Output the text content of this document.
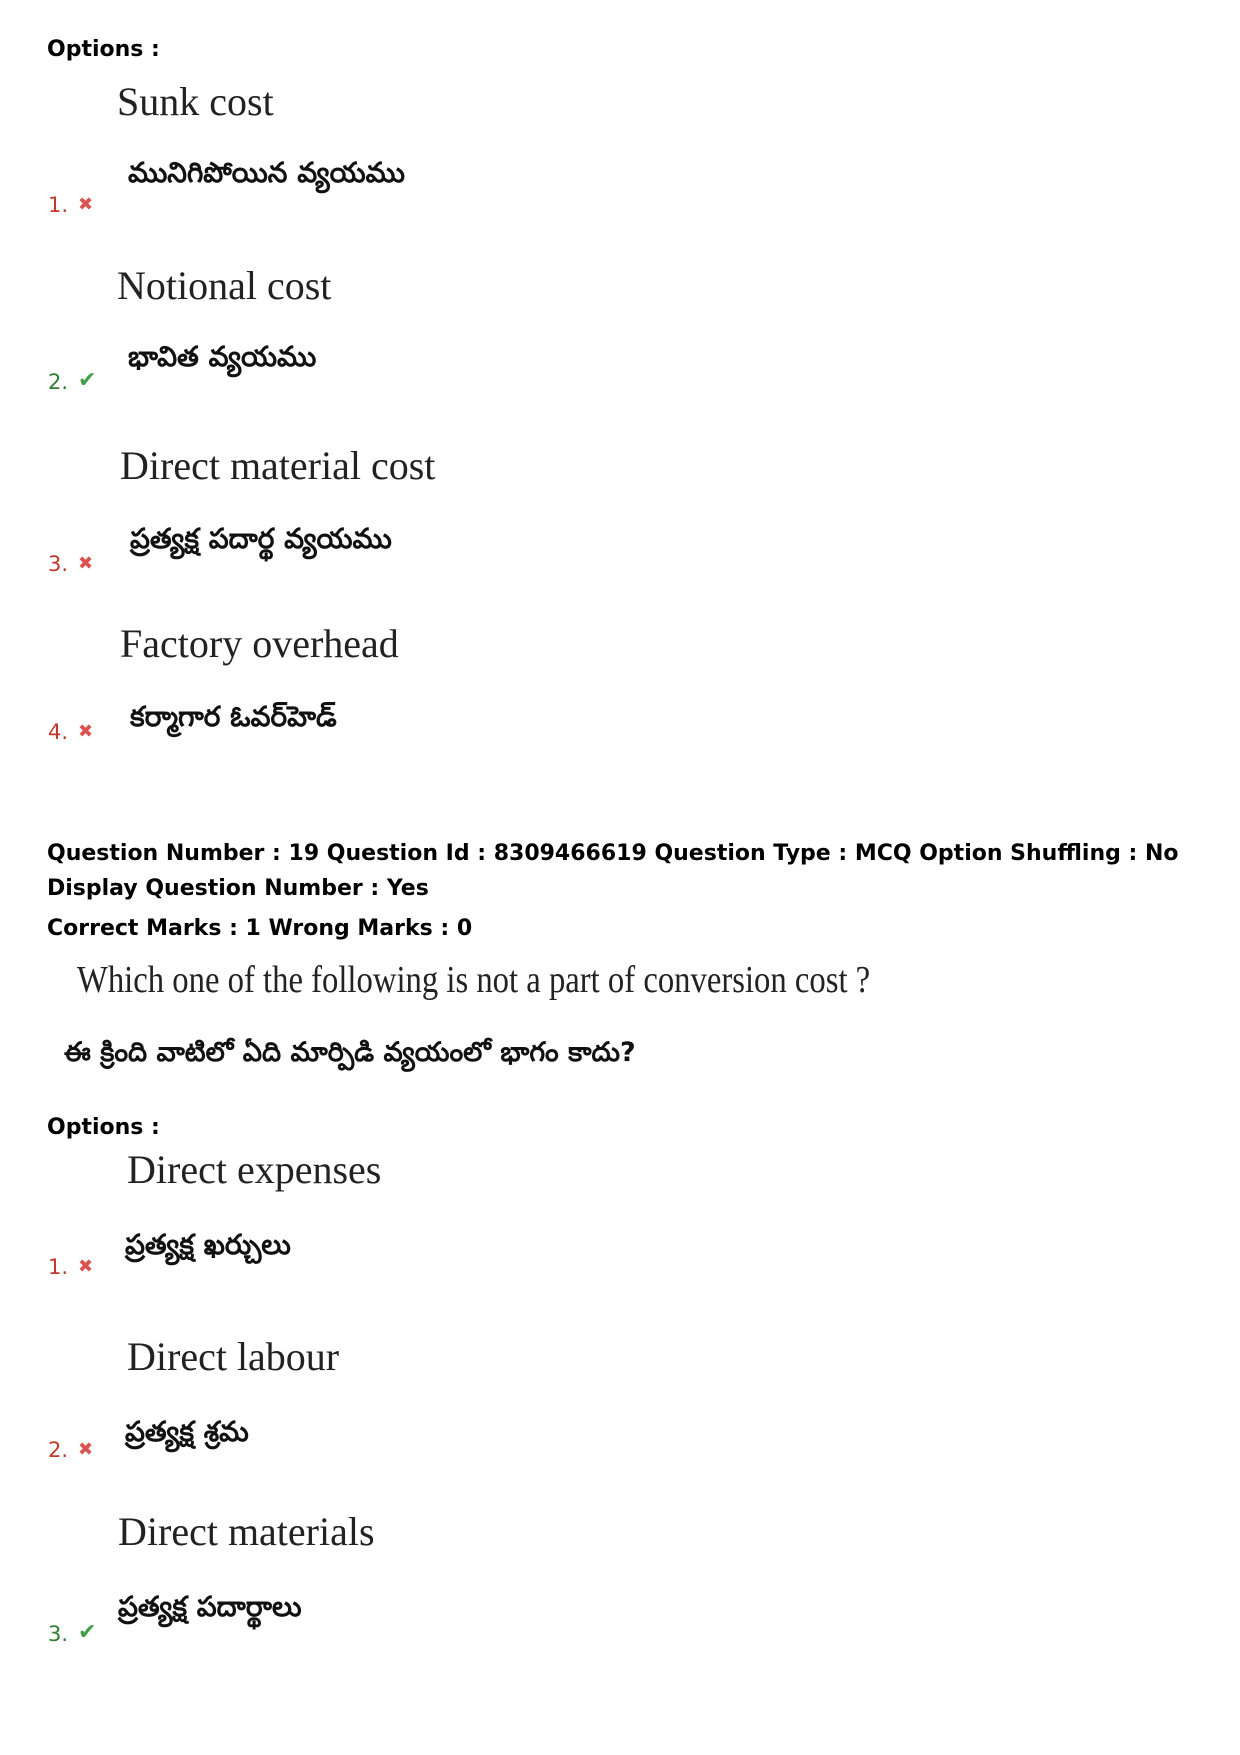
Options :
Sunk cost
మునిగిపోయిన వ్యయము
1. ✖
Notional cost
భావిత వ్యయము
2. ✔
Direct material cost
ప్రత్యక్ష పదార్థ వ్యయము
3. ✖
Factory overhead
కర్మాగార ఓవర్‌హెడ్
4. ✖
Question Number : 19 Question Id : 8309466619 Question Type : MCQ Option Shuffling : No
Display Question Number : Yes
Correct Marks : 1 Wrong Marks : 0
Which one of the following is not a part of conversion cost ?
ఈ క్రింది వాటిలో ఏది మార్పిడి వ్యయంలో భాగం కాదు?
Options :
Direct expenses
ప్రత్యక్ష ఖర్చులు
1. ✖
Direct labour
ప్రత్యక్ష శ్రమ
2. ✖
Direct materials
ప్రత్యక్ష పదార్థాలు
3. ✔
